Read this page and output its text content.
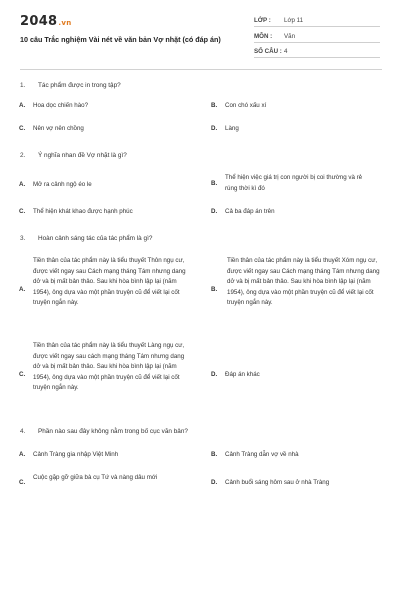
2048.vn
10 câu Trắc nghiệm Vài nét về văn bản Vợ nhặt (có đáp án)
LỚP : Lớp 11
MÔN : Văn
SỐ CÂU : 4
1. Tác phẩm được in trong tập?
A. Hoa dọc chiến hào?	B. Con chó xấu xí
C. Nên vợ nên chồng	D. Làng
2. Ý nghĩa nhan đề Vợ nhặt là gì?
A. Mở ra cảnh ngộ éo le	B.
Thể hiện việc giá trị con người bị coi thường và rẻ rúng thời kì đó
C. Thể hiện khát khao được hạnh phúc	D. Cả ba đáp án trên
3. Hoàn cảnh sáng tác của tác phẩm là gì?
A.
Tiền thân của tác phẩm này là tiểu thuyết Thôn ngụ cư, được viết ngay sau Cách mạng tháng Tám nhưng dang dở và bị mất bản thảo. Sau khi hòa bình lập lại (năm 1954), ông dựa vào một phần truyện cũ để viết lại cốt truyện ngắn này.
B.
Tiền thân của tác phẩm này là tiểu thuyết Xóm ngụ cư, được viết ngay sau Cách mạng tháng Tám nhưng dang dở và bị mất bản thảo. Sau khi hòa bình lập lại (năm 1954), ông dựa vào một phần truyện cũ để viết lại cốt truyện ngắn này.
C.
Tiền thân của tác phẩm này là tiểu thuyết Làng ngụ cư, được viết ngay sau cách mạng tháng Tám nhưng dang dở và bị mất bản thảo. Sau khi hòa bình lập lại (năm 1954), ông dựa vào một phần truyện cũ để viết lại cốt truyện ngắn này.
D. Đáp án khác
4. Phần nào sau đây không nằm trong bố cục văn bản?
A. Cảnh Tràng gia nhập Việt Minh	B. Cảnh Tràng dẫn vợ về nhà
C.
Cuộc gặp gỡ giữa bà cụ Tứ và nàng dâu mới
D. Cảnh buổi sáng hôm sau ở nhà Tràng
